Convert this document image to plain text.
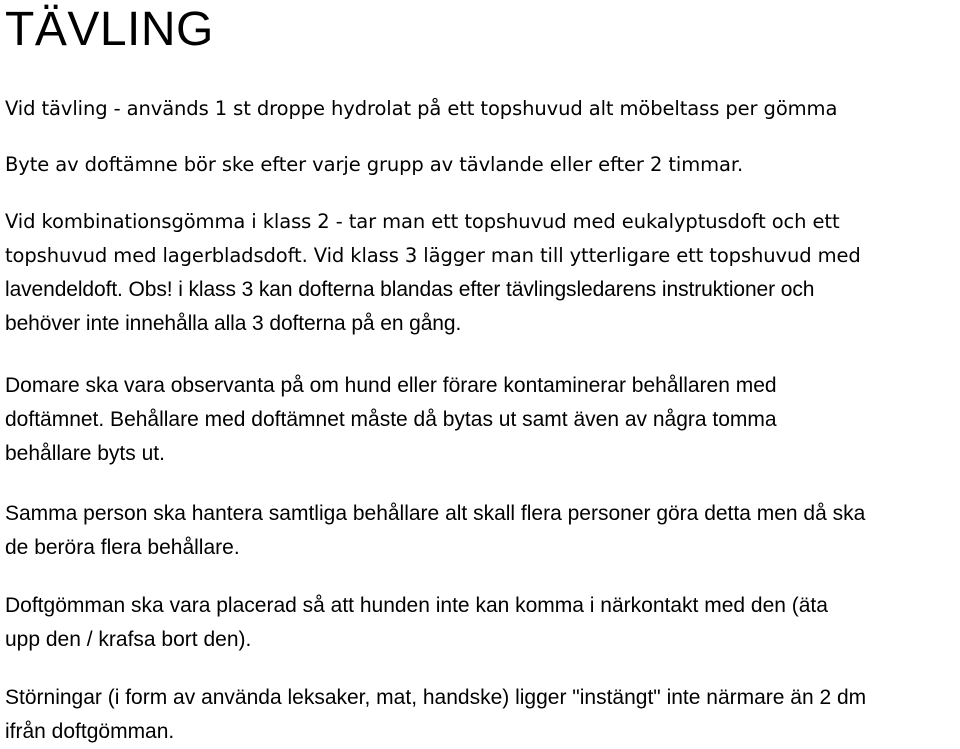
TÄVLING

Vid tävling - används 1 st droppe hydrolat på ett topshuvud alt möbeltass per gömma

Byte av doftämne bör ske efter varje grupp av tävlande eller efter 2 timmar.

Vid kombinationsgömma i klass 2 - tar man ett topshuvud med eukalyptusdoft och ett
topshuvud med lagerbladsdoft. Vid klass 3 lägger man till ytterligare ett topshuvud med
lavendeldoft. Obs! i klass 3 kan dofterna blandas efter tävlingsledarens instruktioner och
behöver inte innehålla alla 3 dofterna på en gång.

Domare ska vara observanta på om hund eller förare kontaminerar behållaren med
doftämnet. Behållare med doftämnet måste då bytas ut samt även av några tomma
behållare byts ut.

Samma person ska hantera samtliga behållare alt skall flera personer göra detta men då ska
de beröra flera behållare.

Doftgömman ska vara placerad så att hunden inte kan komma i närkontakt med den (äta
upp den / krafsa bort den).

Störningar (i form av använda leksaker, mat, handske) ligger "instängt" inte närmare än 2 dm
ifrån doftgömman.
